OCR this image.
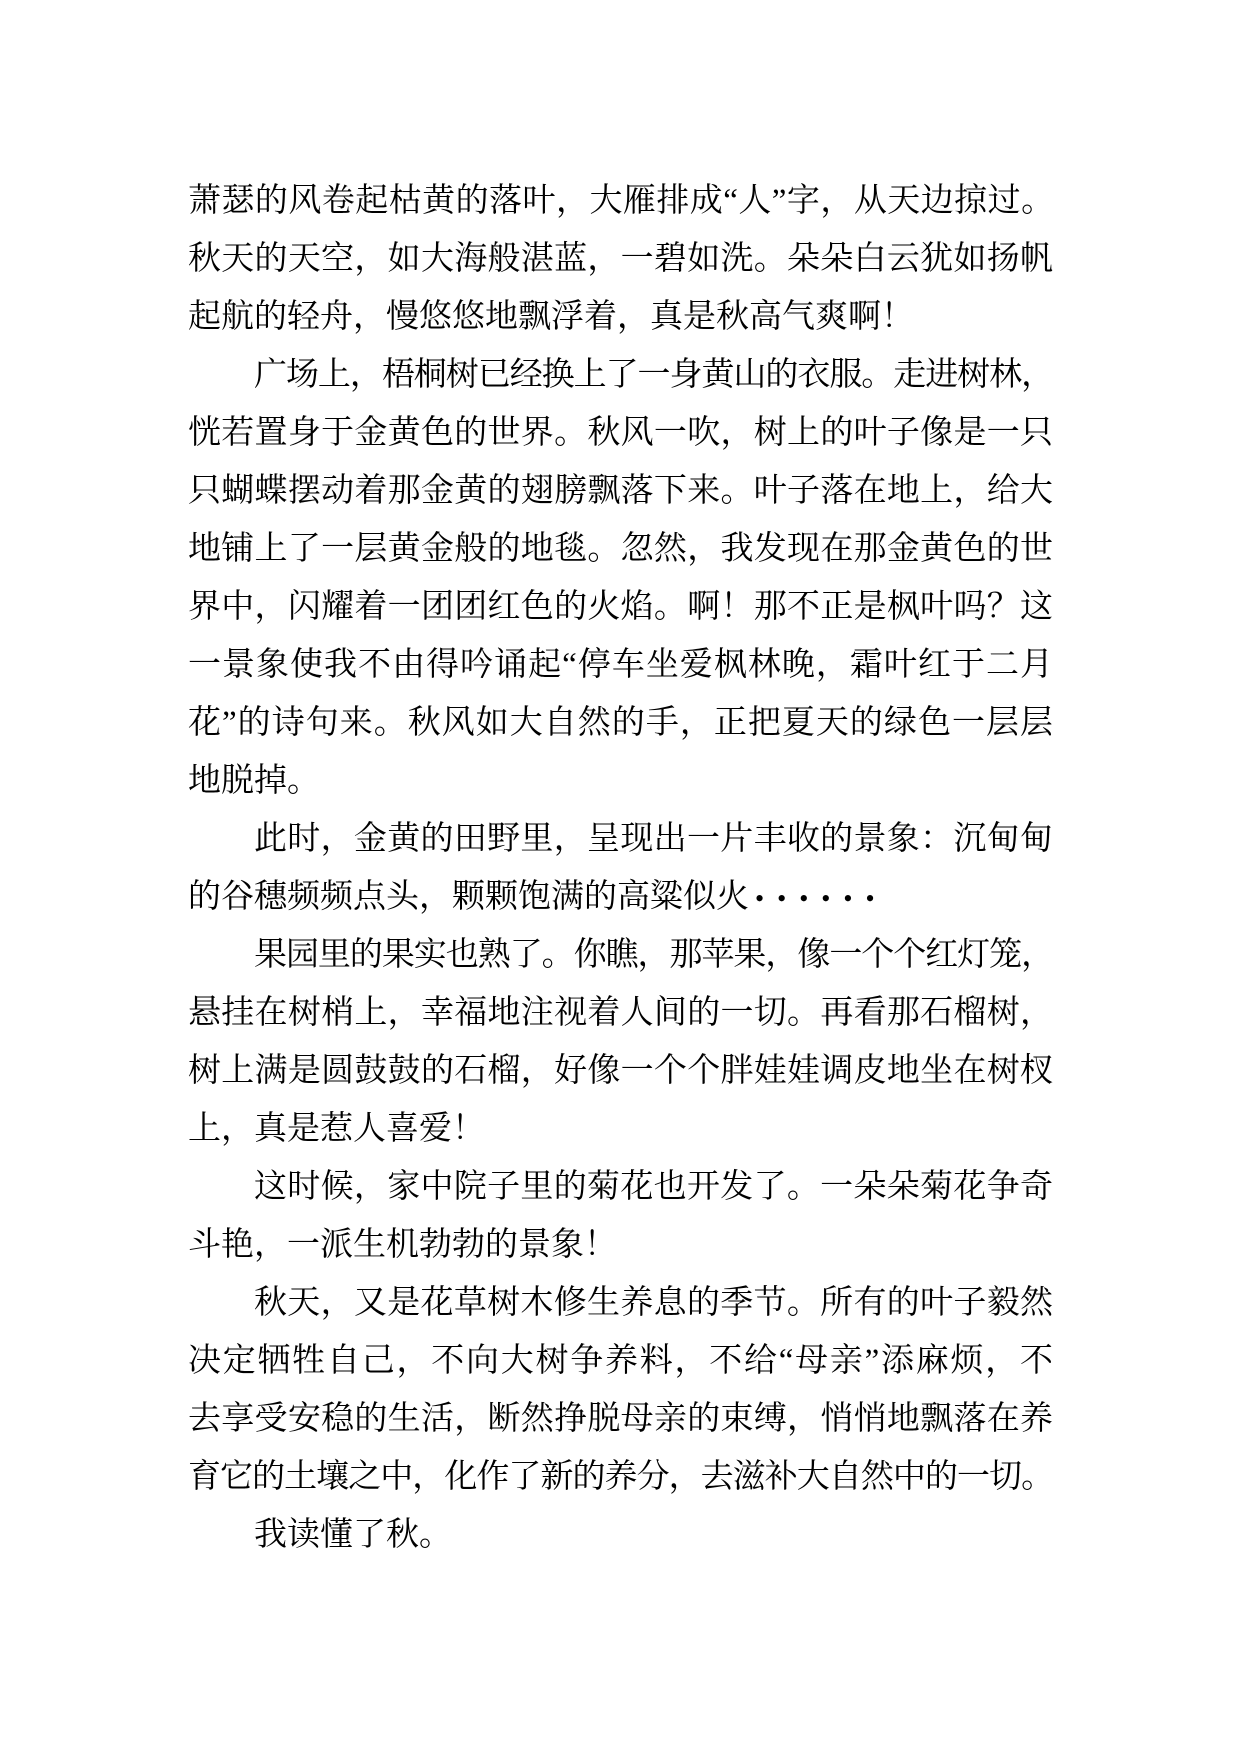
萧瑟的风卷起枯黄的落叶，大雁排成“人”字，从天边掠过。
秋天的天空，如大海般湛蓝，一碧如洗。朵朵白云犹如扬帆
起航的轻舟，慢悠悠地飘浮着，真是秋高气爽啊！
广场上，梧桐树已经换上了一身黄山的衣服。走进树林，
恍若置身于金黄色的世界。秋风一吹，树上的叶子像是一只
只蝴蝶摆动着那金黄的翅膀飘落下来。叶子落在地上，给大
地铺上了一层黄金般的地毯。忽然，我发现在那金黄色的世
界中，闪耀着一团团红色的火焰。啊！那不正是枫叶吗？这
一景象使我不由得吟诵起“停车坐爱枫林晚，霜叶红于二月
花”的诗句来。秋风如大自然的手，正把夏天的绿色一层层
地脱掉。
此时，金黄的田野里，呈现出一片丰收的景象：沉甸甸
的谷穗频频点头，颗颗饱满的高粱似火 ••••••
果园里的果实也熟了。你瞧，那苹果，像一个个红灯笼，
悬挂在树梢上，幸福地注视着人间的一切。再看那石榴树，
树上满是圆鼓鼓的石榴，好像一个个胖娃娃调皮地坐在树杈
上，真是惹人喜爱！
这时候，家中院子里的菊花也开发了。一朵朵菊花争奇
斗艳，一派生机勃勃的景象！
秋天，又是花草树木修生养息的季节。所有的叶子毅然
决定牺牲自己，不向大树争养料，不给“母亲”添麻烦，不
去享受安稳的生活，断然挣脱母亲的束缚，悄悄地飘落在养
育它的土壤之中，化作了新的养分，去滋补大自然中的一切。
我读懂了秋。
